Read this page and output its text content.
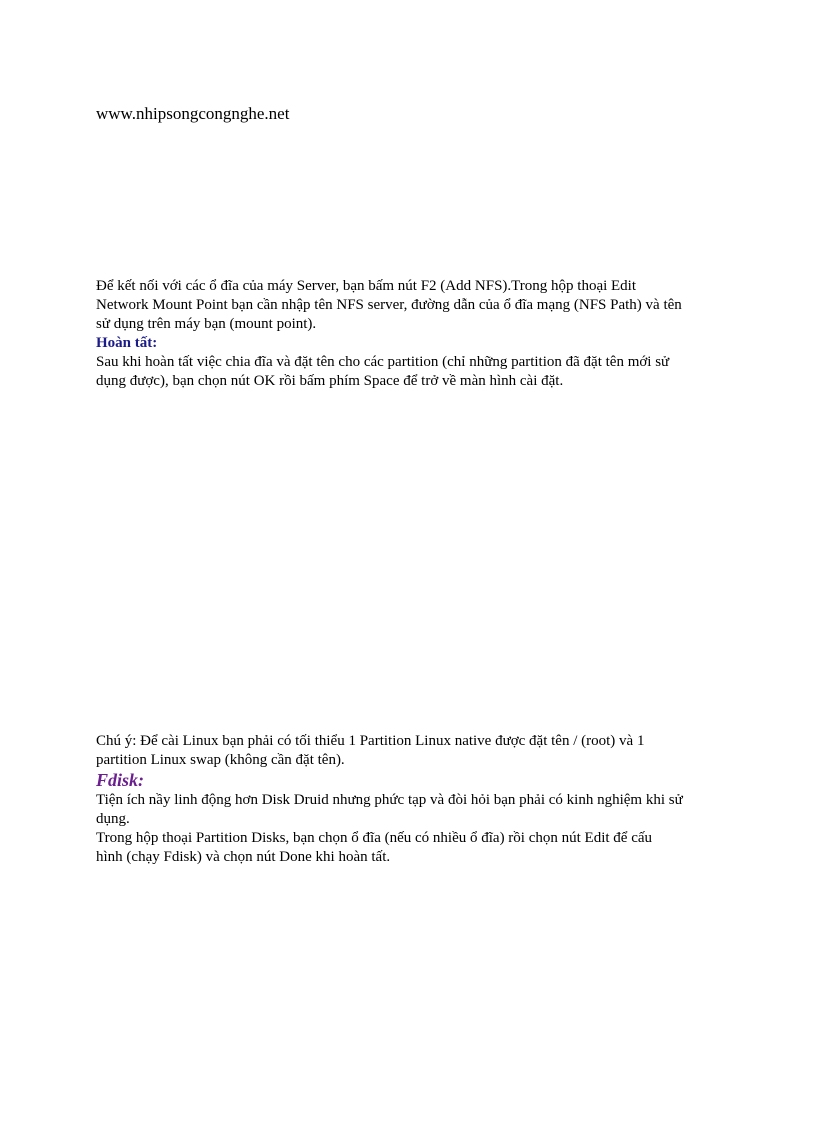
www.nhipsongcongnghe.net

Để kết nối với các ổ đĩa của máy Server, bạn bấm nút F2 (Add NFS).Trong hộp thoại Edit

Network Mount Point bạn cần nhập tên NFS server, đường dẫn của ổ đĩa mạng (NFS Path) và tên

sử dụng trên máy bạn (mount point).

Hoàn tất:

Sau khi hoàn tất việc chia đĩa và đặt tên cho các partition (chỉ những partition đã đặt tên mới sử

dụng được), bạn chọn nút OK rồi bấm phím Space để trở về màn hình cài đặt.

Chú ý: Để cài Linux bạn phải có tối thiểu 1 Partition Linux native được đặt tên / (root) và 1

partition Linux swap (không cần đặt tên).

Fdisk:

Tiện ích nầy linh động hơn Disk Druid nhưng phức tạp và đòi hỏi bạn phải có kinh nghiệm khi sử

dụng.

Trong hộp thoại Partition Disks, bạn chọn ổ đĩa (nếu có nhiều ổ đĩa) rồi chọn nút Edit để cấu

hình (chạy Fdisk) và chọn nút Done khi hoàn tất.
